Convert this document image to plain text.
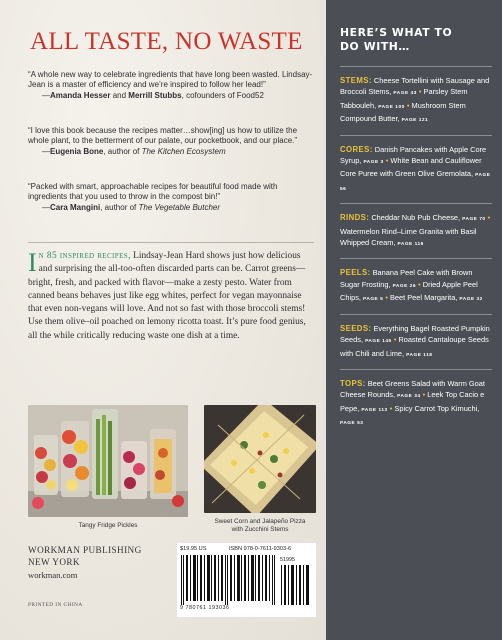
ALL TASTE, NO WASTE
“A whole new way to celebrate ingredients that have long been wasted. Lindsay-Jean is a master of efficiency and we’re inspired to follow her lead!”
—Amanda Hesser and Merrill Stubbs, cofounders of Food52
“I love this book because the recipes matter…show[ing] us how to utilize the whole plant, to the betterment of our palate, our pocketbook, and our place.”
—Eugenia Bone, author of The Kitchen Ecosystem
“Packed with smart, approachable recipes for beautiful food made with ingredients that you used to throw in the compost bin!”
—Cara Mangini, author of The Vegetable Butcher
In 85 inspired recipes, Lindsay-Jean Hard shows just how delicious and surprising the all-too-often discarded parts can be. Carrot greens—bright, fresh, and packed with flavor—make a zesty pesto. Water from canned beans behaves just like egg whites, perfect for vegan mayonnaise that even non-vegans will love. And not so fast with those broccoli stems! Use them olive–oil poached on lemony ricotta toast. It’s pure food genius, all the while critically reducing waste one dish at a time.
Tangy Fridge Pickles
Sweet Corn and Jalapeño Pizza
with Zucchini Stems
WORKMAN PUBLISHING
NEW YORK
workman.com
PRINTED IN CHINA
$19.95 US	ISBN 978-0-7611-9303-6
51995
9 780761 193036
HERE’S WHAT TO
DO WITH…

STEMS: Cheese Tortellini with Sausage and Broccoli Stems, PAGE 43 • Parsley Stem Tabbouleh, PAGE 100 • Mushroom Stem Compound Butter, PAGE 121

CORES: Danish Pancakes with Apple Core Syrup, PAGE 3 • White Bean and Cauliflower Core Puree with Green Olive Gremolata, PAGE 56

RINDS: Cheddar Nub Pub Cheese, PAGE 70 • Watermelon Rind–Lime Granita with Basil Whipped Cream, PAGE 116

PEELS: Banana Peel Cake with Brown Sugar Frosting, PAGE 26 • Dried Apple Peel Chips, PAGE 5 • Beet Peel Margarita, PAGE 32

SEEDS: Everything Bagel Roasted Pumpkin Seeds, PAGE 145 • Roasted Cantaloupe Seeds with Chili and Lime, PAGE 118

TOPS: Beet Greens Salad with Warm Goat Cheese Rounds, PAGE 34 • Leek Top Cacio e Pepe, PAGE 113 • Spicy Carrot Top Kimuchi, PAGE 53
